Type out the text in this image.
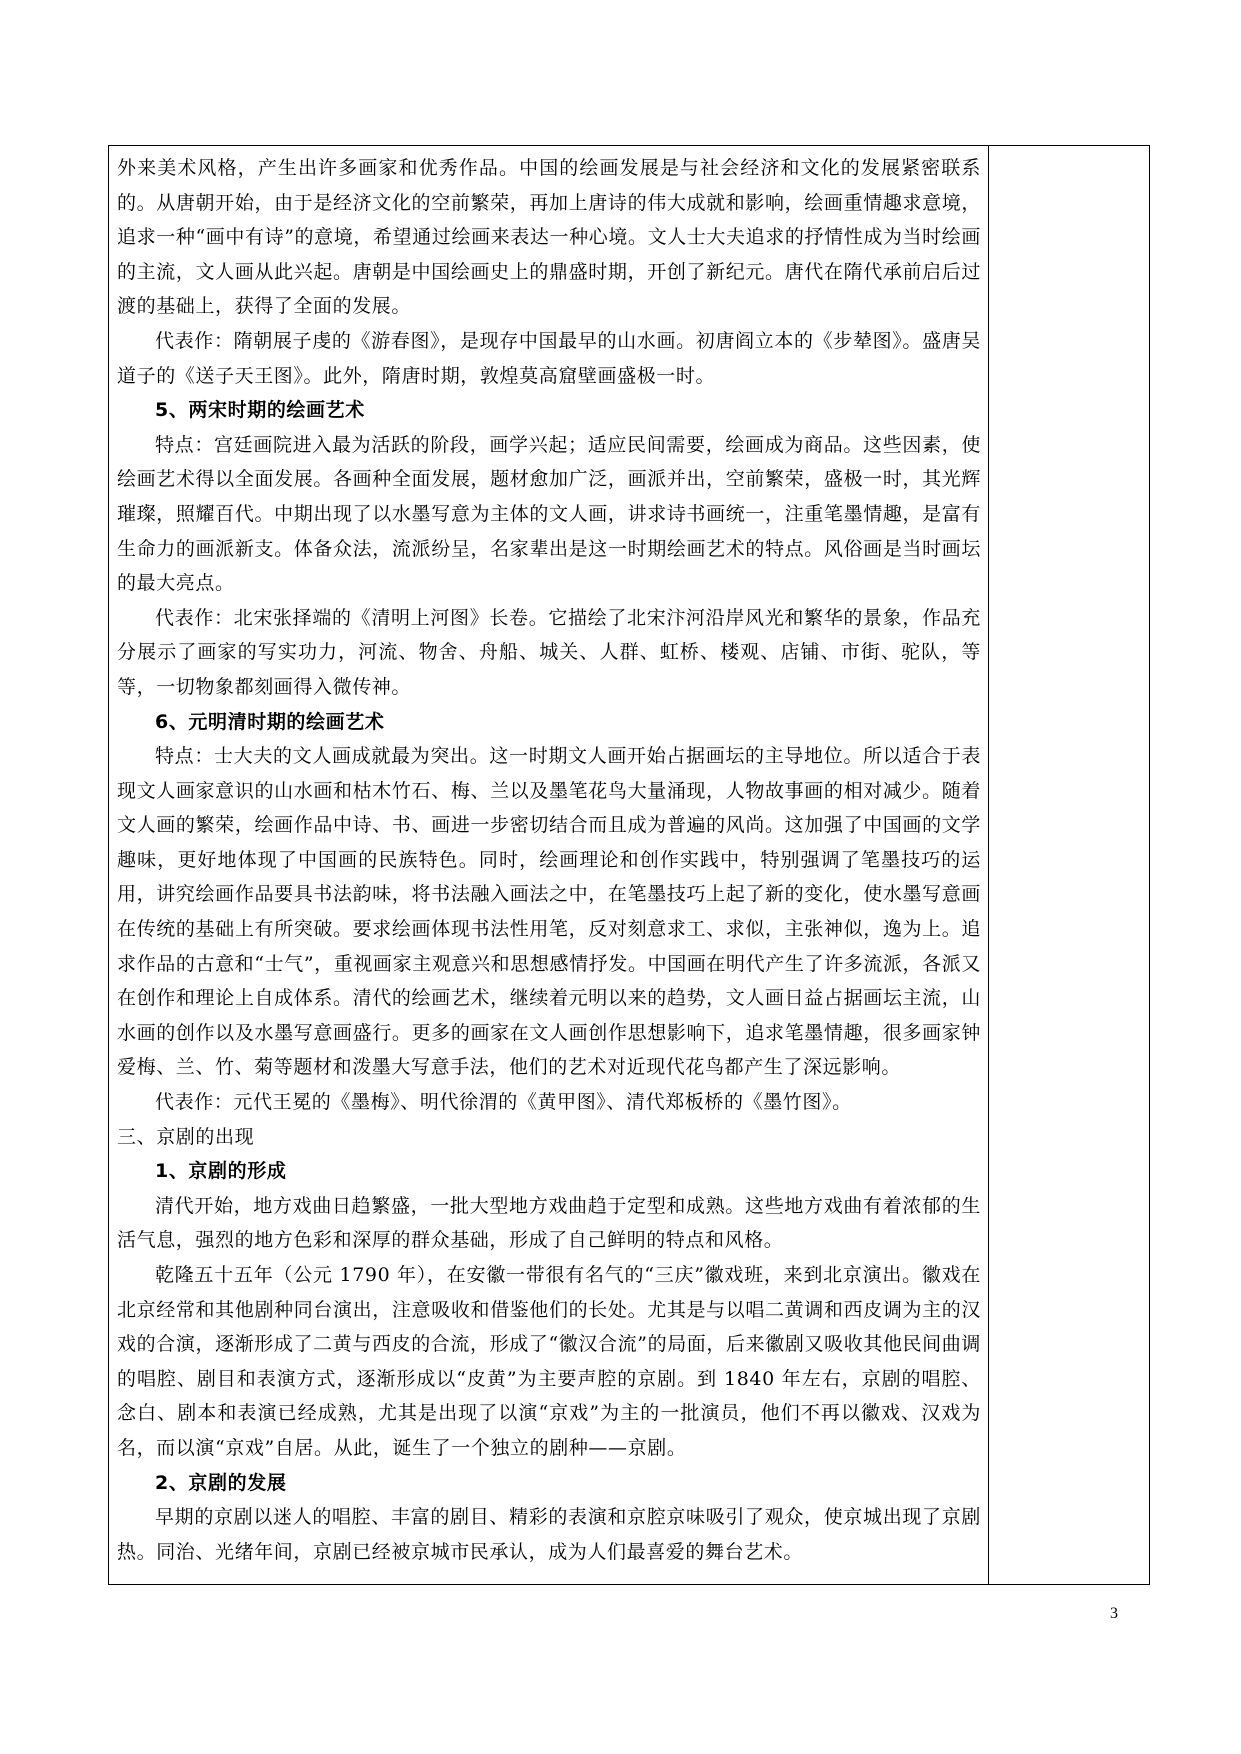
外来美术风格，产生出许多画家和优秀作品。中国的绘画发展是与社会经济和文化的发展紧密联系的。从唐朝开始，由于是经济文化的空前繁荣，再加上唐诗的伟大成就和影响，绘画重情趣求意境，追求一种“画中有诗”的意境，希望通过绘画来表达一种心境。文人士大夫追求的抒情性成为当时绘画的主流，文人画从此兴起。唐朝是中国绘画史上的鼎盛时期，开创了新纪元。唐代在隋代承前启后过渡的基础上，获得了全面的发展。

代表作：隋朝展子虔的《游春图》，是现存中国最早的山水画。初唐阎立本的《步辇图》。盛唐吴道子的《送子天王图》。此外，隋唐时期，敦煌莫高窟壁画盛极一时。

5、两宋时期的绘画艺术

特点：宫廷画院进入最为活跃的阶段，画学兴起；适应民间需要，绘画成为商品。这些因素，使绘画艺术得以全面发展。各画种全面发展，题材愈加广泛，画派并出，空前繁荣，盛极一时，其光辉璀璨，照耀百代。中期出现了以水墨写意为主体的文人画，讲求诗书画统一，注重笔墨情趣，是富有生命力的画派新支。体备众法，流派纷呈，名家辈出是这一时期绘画艺术的特点。风俗画是当时画坛的最大亮点。

代表作：北宋张择端的《清明上河图》长卷。它描绘了北宋汴河沿岸风光和繁华的景象，作品充分展示了画家的写实功力，河流、物舍、舟船、城关、人群、虹桥、楼观、店铺、市街、驼队，等等，一切物象都刻画得入微传神。

6、元明清时期的绘画艺术

特点：士大夫的文人画成就最为突出。这一时期文人画开始占据画坛的主导地位。所以适合于表现文人画家意识的山水画和枯木竹石、梅、兰以及墨笔花鸟大量涌现，人物故事画的相对减少。随着文人画的繁荣，绘画作品中诗、书、画进一步密切结合而且成为普遍的风尚。这加强了中国画的文学趣味，更好地体现了中国画的民族特色。同时，绘画理论和创作实践中，特别强调了笔墨技巧的运用，讲究绘画作品要具书法韵味，将书法融入画法之中，在笔墨技巧上起了新的变化，使水墨写意画在传统的基础上有所突破。要求绘画体现书法性用笔，反对刻意求工、求似，主张神似，逸为上。追求作品的古意和“士气”，重视画家主观意兴和思想感情抒发。中国画在明代产生了许多流派，各派又在创作和理论上自成体系。清代的绘画艺术，继续着元明以来的趋势，文人画日益占据画坛主流，山水画的创作以及水墨写意画盛行。更多的画家在文人画创作思想影响下，追求笔墨情趣，很多画家钟爱梅、兰、竹、菊等题材和泼墨大写意手法，他们的艺术对近现代花鸟都产生了深远影响。

代表作：元代王冕的《墨梅》、明代徐渭的《黄甲图》、清代郑板桥的《墨竹图》。

三、京剧的出现

1、京剧的形成

清代开始，地方戏曲日趋繁盛，一批大型地方戏曲趋于定型和成熟。这些地方戏曲有着浓郁的生活气息，强烈的地方色彩和深厚的群众基础，形成了自己鲜明的特点和风格。

乾隆五十五年（公元 1790 年），在安徽一带很有名气的“三庆”徽戏班，来到北京演出。徽戏在北京经常和其他剧种同台演出，注意吸收和借鉴他们的长处。尤其是与以唱二黄调和西皮调为主的汉戏的合演，逐渐形成了二黄与西皮的合流，形成了“徽汉合流”的局面，后来徽剧又吸收其他民间曲调的唱腔、剧目和表演方式，逐渐形成以“皮黄”为主要声腔的京剧。到 1840 年左右，京剧的唱腔、念白、剧本和表演已经成熟，尤其是出现了以演“京戏”为主的一批演员，他们不再以徽戏、汉戏为名，而以演“京戏”自居。从此，诞生了一个独立的剧种——京剧。

2、京剧的发展

早期的京剧以迷人的唱腔、丰富的剧目、精彩的表演和京腔京味吸引了观众，使京城出现了京剧热。同治、光绪年间，京剧已经被京城市民承认，成为人们最喜爱的舞台艺术。

3
